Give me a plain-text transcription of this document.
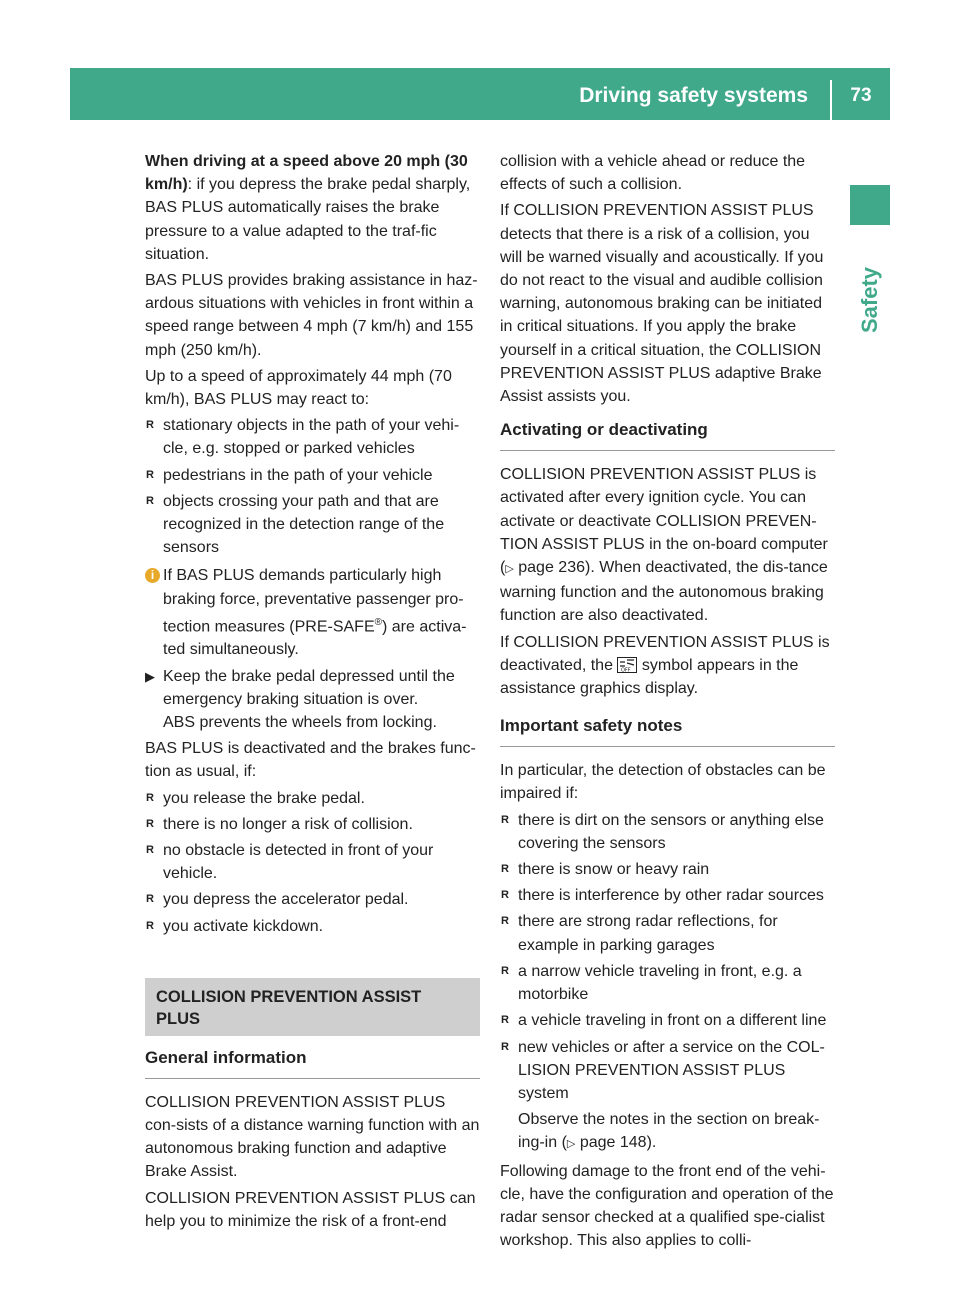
Driving safety systems	73
Safety

When driving at a speed above 20 mph (30 km/h): if you depress the brake pedal sharply, BAS PLUS automatically raises the brake pressure to a value adapted to the traf-fic situation.

BAS PLUS provides braking assistance in haz-ardous situations with vehicles in front within a speed range between 4 mph (7 km/h) and 155 mph (250 km/h).

Up to a speed of approximately 44 mph (70 km/h), BAS PLUS may react to:

R stationary objects in the path of your vehi-cle, e.g. stopped or parked vehicles
R pedestrians in the path of your vehicle
R objects crossing your path and that are recognized in the detection range of the sensors
i If BAS PLUS demands particularly high braking force, preventative passenger pro-tection measures (PRE-SAFE®) are activa-ted simultaneously.
▶ Keep the brake pedal depressed until the emergency braking situation is over.
ABS prevents the wheels from locking.

BAS PLUS is deactivated and the brakes func-tion as usual, if:

R you release the brake pedal.
R there is no longer a risk of collision.
R no obstacle is detected in front of your vehicle.
R you depress the accelerator pedal.
R you activate kickdown.
COLLISION PREVENTION ASSIST PLUS
General information

COLLISION PREVENTION ASSIST PLUS con-sists of a distance warning function with an autonomous braking function and adaptive Brake Assist.

COLLISION PREVENTION ASSIST PLUS can help you to minimize the risk of a front-end

collision with a vehicle ahead or reduce the effects of such a collision.

If COLLISION PREVENTION ASSIST PLUS detects that there is a risk of a collision, you will be warned visually and acoustically. If you do not react to the visual and audible collision warning, autonomous braking can be initiated in critical situations. If you apply the brake yourself in a critical situation, the COLLISION PREVENTION ASSIST PLUS adaptive Brake Assist assists you.

Activating or deactivating

COLLISION PREVENTION ASSIST PLUS is activated after every ignition cycle. You can activate or deactivate COLLISION PREVEN-TION ASSIST PLUS in the on-board computer (▷ page 236). When deactivated, the dis-tance warning function and the autonomous braking function are also deactivated.

If COLLISION PREVENTION ASSIST PLUS is deactivated, the OFF symbol appears in the assistance graphics display.

Important safety notes

In particular, the detection of obstacles can be impaired if:

R there is dirt on the sensors or anything else covering the sensors
R there is snow or heavy rain
R there is interference by other radar sources
R there are strong radar reflections, for example in parking garages
R a narrow vehicle traveling in front, e.g. a motorbike
R a vehicle traveling in front on a different line
R new vehicles or after a service on the COL-LISION PREVENTION ASSIST PLUS system

Observe the notes in the section on break-ing-in (▷ page 148).

Following damage to the front end of the vehi-cle, have the configuration and operation of the radar sensor checked at a qualified spe-cialist workshop. This also applies to colli-
